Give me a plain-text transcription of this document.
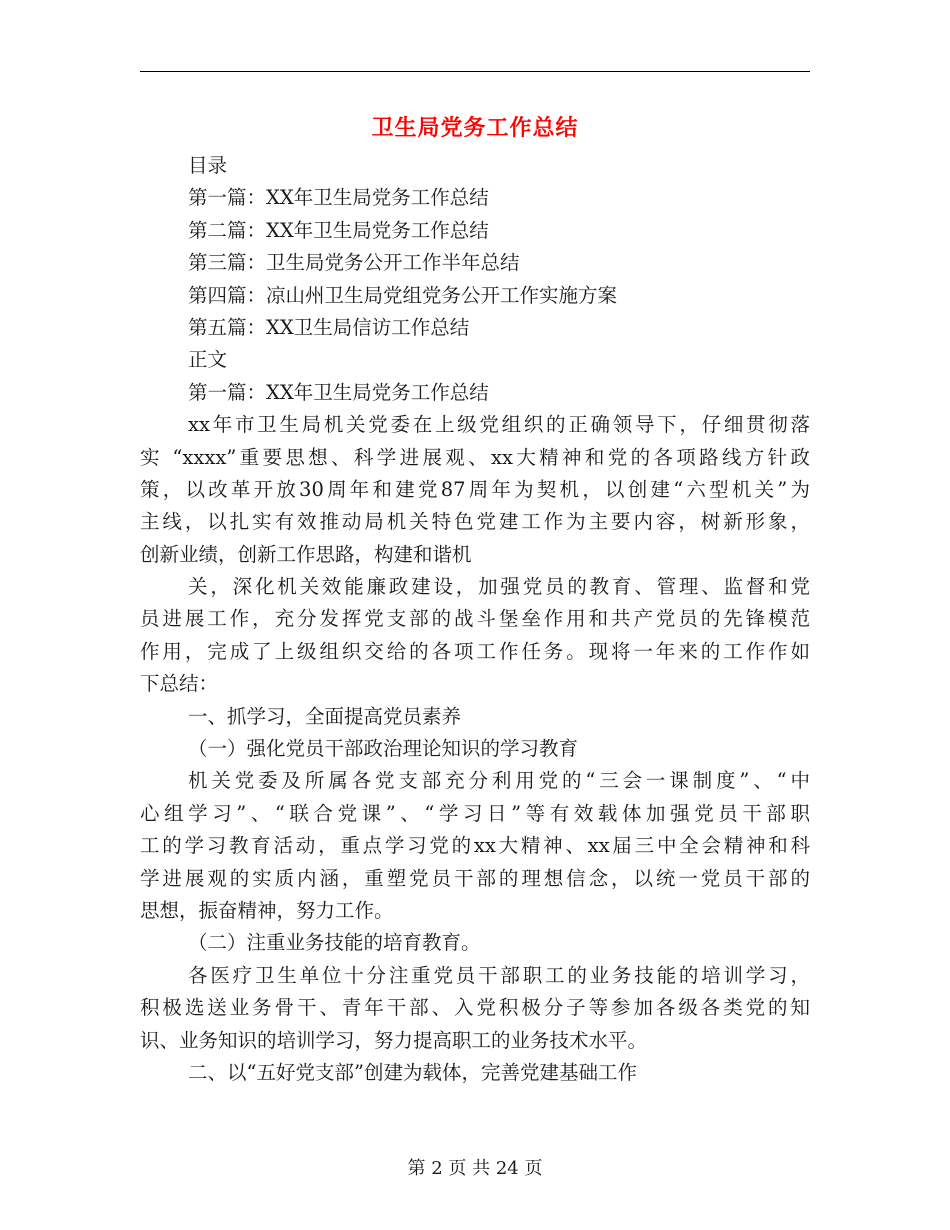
卫生局党务工作总结
目录
第一篇：XX年卫生局党务工作总结
第二篇：XX年卫生局党务工作总结
第三篇：卫生局党务公开工作半年总结
第四篇：凉山州卫生局党组党务公开工作实施方案
第五篇：XX卫生局信访工作总结
正文
第一篇：XX年卫生局党务工作总结
xx年市卫生局机关党委在上级党组织的正确领导下，仔细贯彻落
实 “xxxx”重要思想、科学进展观、xx大精神和党的各项路线方针政
策，以改革开放30周年和建党87周年为契机，以创建“六型机关”为
主线，以扎实有效推动局机关特色党建工作为主要内容，树新形象，
创新业绩，创新工作思路，构建和谐机
关，深化机关效能廉政建设，加强党员的教育、管理、监督和党
员进展工作，充分发挥党支部的战斗堡垒作用和共产党员的先锋模范
作用，完成了上级组织交给的各项工作任务。现将一年来的工作作如
下总结：
一、抓学习，全面提高党员素养
（一）强化党员干部政治理论知识的学习教育
机关党委及所属各党支部充分利用党的“三会一课制度”、“中
心组学习”、“联合党课”、“学习日”等有效载体加强党员干部职
工的学习教育活动，重点学习党的xx大精神、xx届三中全会精神和科
学进展观的实质内涵，重塑党员干部的理想信念，以统一党员干部的
思想，振奋精神，努力工作。
（二）注重业务技能的培育教育。
各医疗卫生单位十分注重党员干部职工的业务技能的培训学习，
积极选送业务骨干、青年干部、入党积极分子等参加各级各类党的知
识、业务知识的培训学习，努力提高职工的业务技术水平。
二、以“五好党支部”创建为载体，完善党建基础工作
第 2 页 共 24 页
